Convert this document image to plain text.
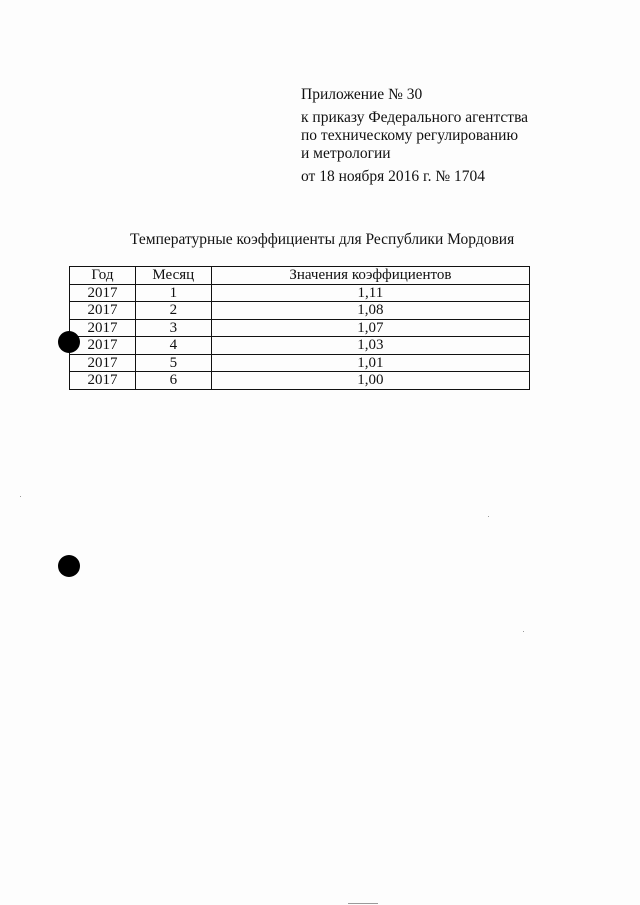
Приложение № 30
к приказу Федерального агентства
по техническому регулированию
и метрологии
от 18 ноября 2016 г. № 1704
Температурные коэффициенты для Республики Мордовия
Год	Месяц	Значения коэффициентов
2017	1	1,11
2017	2	1,08
2017	3	1,07
2017	4	1,03
2017	5	1,01
2017	6	1,00
